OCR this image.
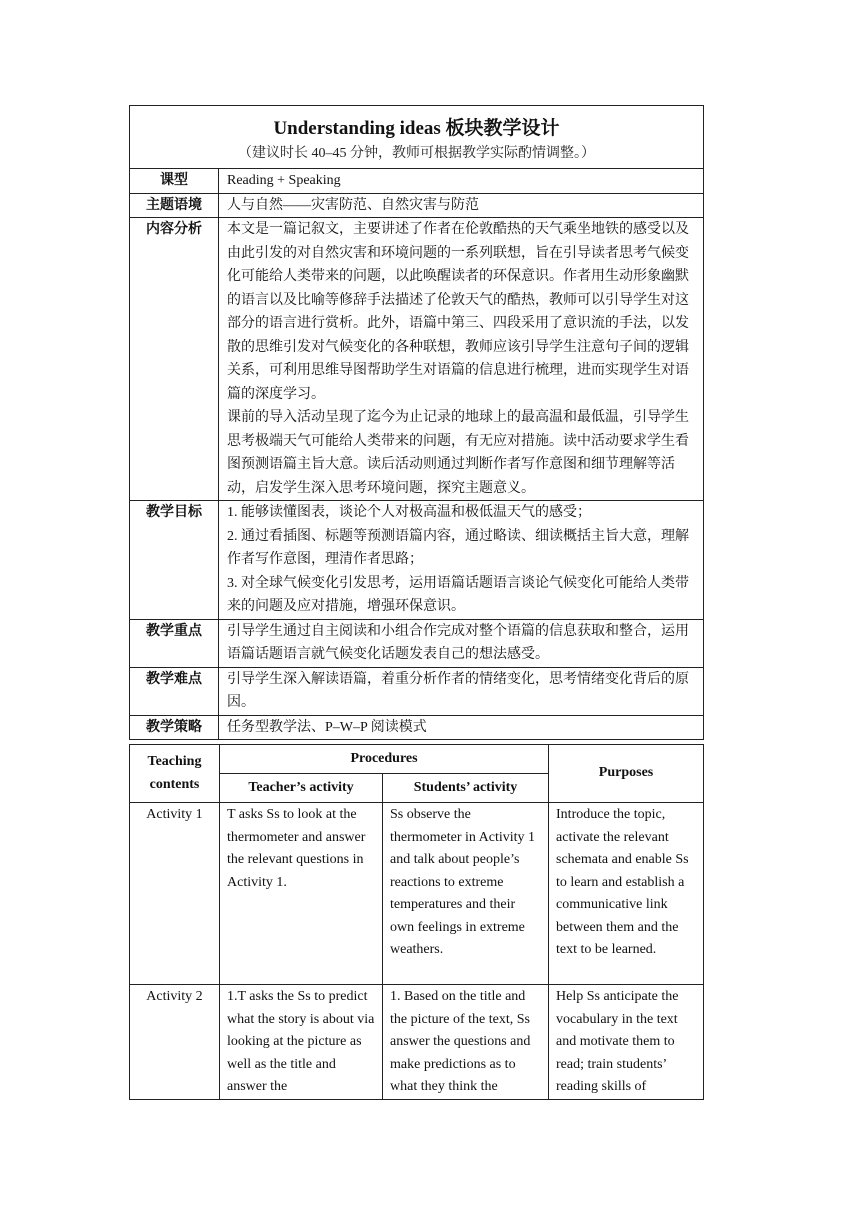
Understanding ideas 板块教学设计
（建议时长 40–45 分钟，教师可根据教学实际酌情调整。）	

课型	Reading + Speaking

主题语境	人与自然——灾害防范、自然灾害与防范

内容分析	本文是一篇记叙文，主要讲述了作者在伦敦酷热的天气乘坐地铁的感受以及由此引发的对自然灾害和环境问题的一系列联想，旨在引导读者思考气候变化可能给人类带来的问题，以此唤醒读者的环保意识。作者用生动形象幽默的语言以及比喻等修辞手法描述了伦敦天气的酷热，教师可以引导学生对这部分的语言进行赏析。此外，语篇中第三、四段采用了意识流的手法，以发散的思维引发对气候变化的各种联想，教师应该引导学生注意句子间的逻辑关系，可利用思维导图帮助学生对语篇的信息进行梳理，进而实现学生对语篇的深度学习。

课前的导入活动呈现了迄今为止记录的地球上的最高温和最低温，引导学生思考极端天气可能给人类带来的问题，有无应对措施。读中活动要求学生看图预测语篇主旨大意。读后活动则通过判断作者写作意图和细节理解等活动，启发学生深入思考环境问题，探究主题意义。

教学目标	1. 能够读懂图表，谈论个人对极高温和极低温天气的感受；

2. 通过看插图、标题等预测语篇内容，通过略读、细读概括主旨大意，理解作者写作意图，理清作者思路；

3. 对全球气候变化引发思考，运用语篇话题语言谈论气候变化可能给人类带来的问题及应对措施，增强环保意识。

教学重点	引导学生通过自主阅读和小组合作完成对整个语篇的信息获取和整合，运用语篇话题语言就气候变化话题发表自己的想法感受。

教学难点	引导学生深入解读语篇，着重分析作者的情绪变化，思考情绪变化背后的原因。

教学策略	任务型教学法、P–W–P 阅读模式

Teaching contents	Procedures		Purposes
	Teacher’s activity	Students’ activity	
Activity 1	T asks Ss to look at the thermometer and answer the relevant questions in Activity 1.	Ss observe the thermometer in Activity 1 and talk about people’s reactions to extreme temperatures and their own feelings in extreme weathers.	Introduce the topic, activate the relevant schemata and enable Ss to learn and establish a communicative link between them and the text to be learned.
Activity 2	1.T asks the Ss to predict what the story is about via looking at the picture as well as the title and answer the	1. Based on the title and the picture of the text, Ss answer the questions and make predictions as to what they think the	Help Ss anticipate the vocabulary in the text and motivate them to read; train students’ reading skills of
